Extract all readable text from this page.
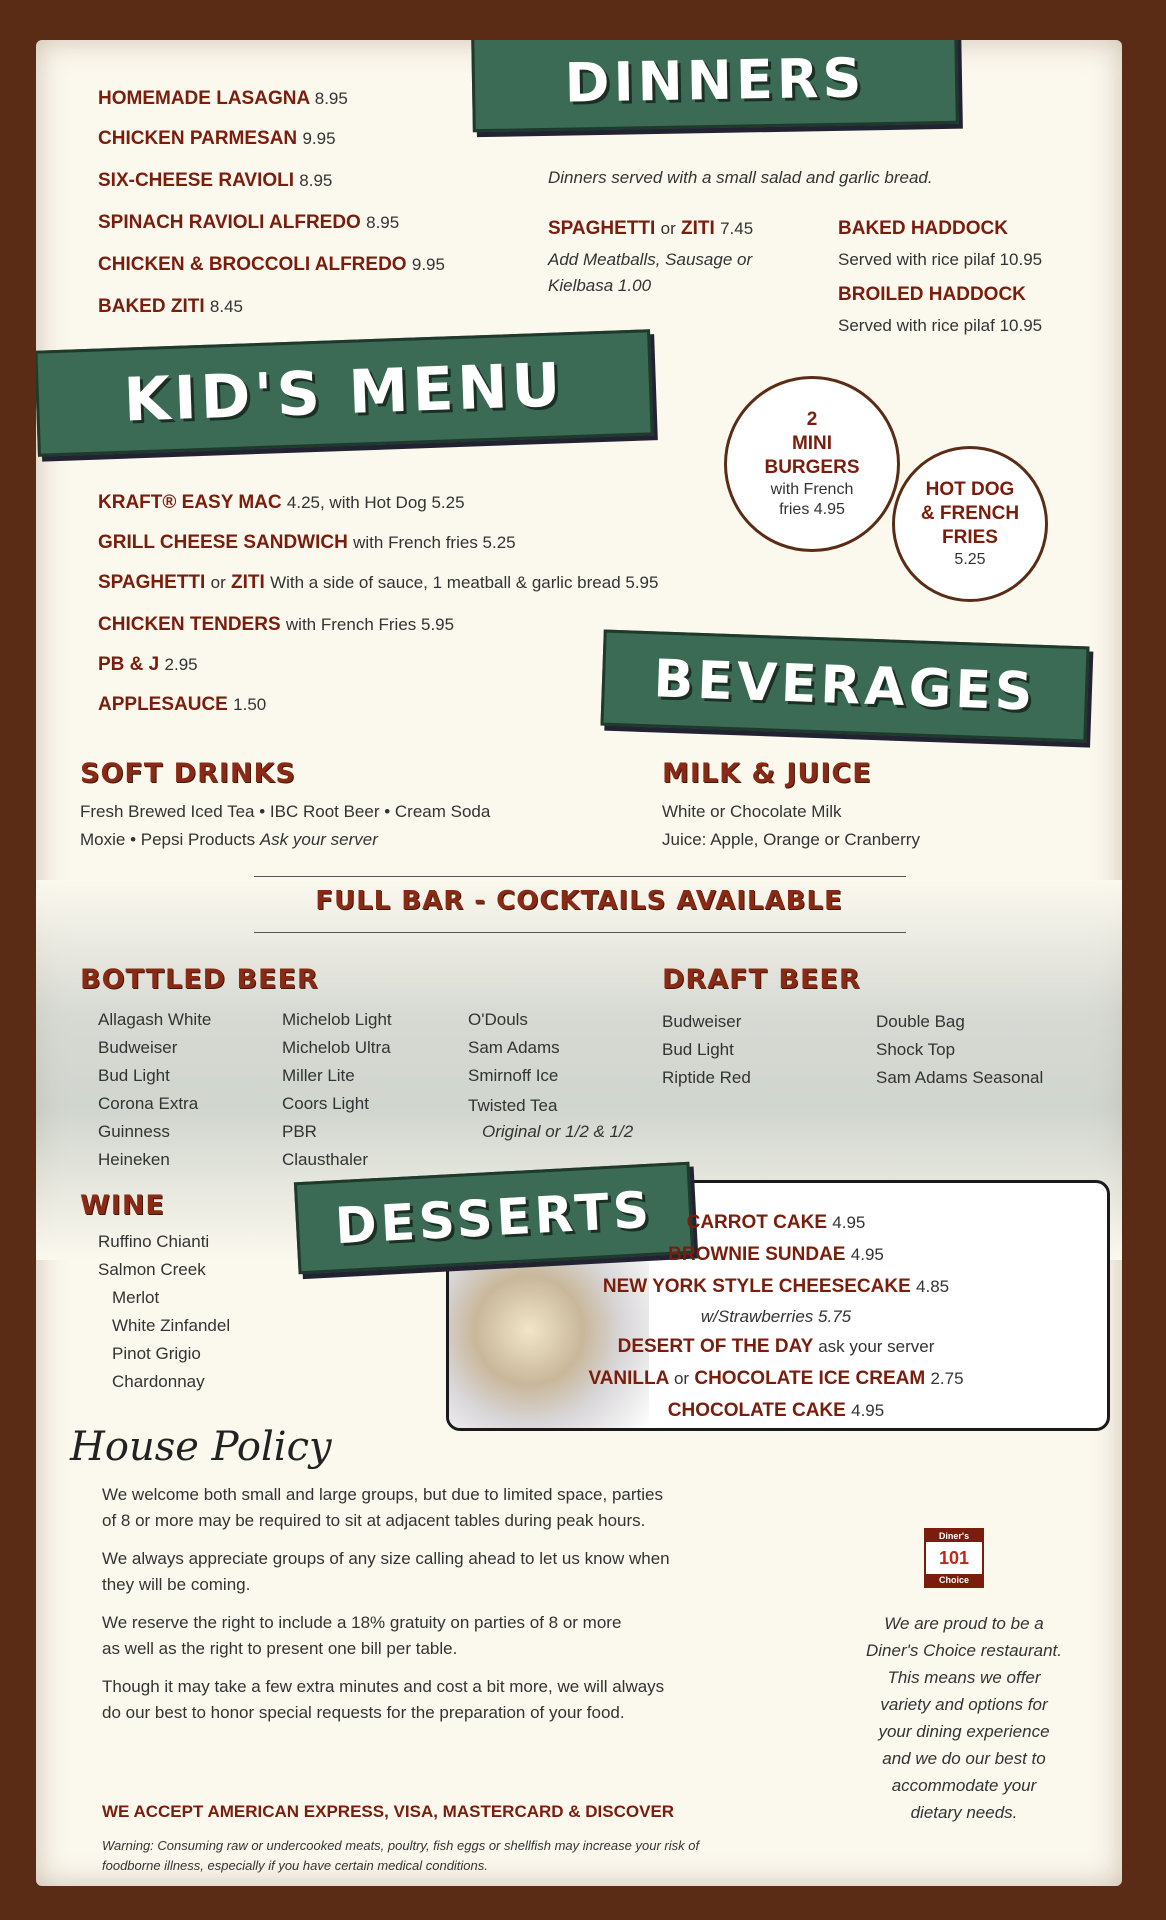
DINNERS
HOMEMADE LASAGNA 8.95
CHICKEN PARMESAN 9.95
SIX-CHEESE RAVIOLI 8.95
SPINACH RAVIOLI ALFREDO 8.95
CHICKEN & BROCCOLI ALFREDO 9.95
BAKED ZITI 8.45
Dinners served with a small salad and garlic bread.
SPAGHETTI or ZITI 7.45
Add Meatballs, Sausage or
Kielbasa 1.00
BAKED HADDOCK
Served with rice pilaf 10.95
BROILED HADDOCK
Served with rice pilaf 10.95
KID'S MENU	2
MINI
BURGERS
with French
fries 4.95
HOT DOG
& FRENCH
FRIES
5.25
KRAFT® EASY MAC 4.25, with Hot Dog 5.25
GRILL CHEESE SANDWICH with French fries 5.25
SPAGHETTI or ZITI With a side of sauce, 1 meatball & garlic bread 5.95
CHICKEN TENDERS with French Fries 5.95
PB & J 2.95
APPLESAUCE 1.50	BEVERAGES
SOFT DRINKS
Fresh Brewed Iced Tea • IBC Root Beer • Cream Soda
Moxie • Pepsi Products Ask your server
MILK & JUICE
White or Chocolate Milk
Juice: Apple, Orange or Cranberry
FULL BAR - COCKTAILS AVAILABLE
BOTTLED BEER
Allagash White
Budweiser
Bud Light
Corona Extra
Guinness
Heineken
Michelob Light
Michelob Ultra
Miller Lite
Coors Light
PBR
Clausthaler
O'Douls
Sam Adams
Smirnoff Ice
Twisted Tea
Original or 1/2 & 1/2
DRAFT BEER
Budweiser
Bud Light
Riptide Red
Double Bag
Shock Top
Sam Adams Seasonal
WINE
Ruffino Chianti
Salmon Creek
Merlot
White Zinfandel
Pinot Grigio
Chardonnay
DESSERTS	CARROT CAKE 4.95
BROWNIE SUNDAE 4.95
NEW YORK STYLE CHEESECAKE 4.85
w/Strawberries 5.75
DESERT OF THE DAY ask your server
VANILLA or CHOCOLATE ICE CREAM 2.75
CHOCOLATE CAKE 4.95
House Policy
We welcome both small and large groups, but due to limited space, parties
of 8 or more may be required to sit at adjacent tables during peak hours.
We always appreciate groups of any size calling ahead to let us know when
they will be coming.
We reserve the right to include a 18% gratuity on parties of 8 or more
as well as the right to present one bill per table.
Though it may take a few extra minutes and cost a bit more, we will always
do our best to honor special requests for the preparation of your food.
WE ACCEPT AMERICAN EXPRESS, VISA, MASTERCARD & DISCOVER
Warning: Consuming raw or undercooked meats, poultry, fish eggs or shellfish may increase your risk of
foodborne illness, especially if you have certain medical conditions.
Diner's
101
Choice
We are proud to be a
Diner's Choice restaurant.
This means we offer
variety and options for
your dining experience
and we do our best to
accommodate your
dietary needs.
